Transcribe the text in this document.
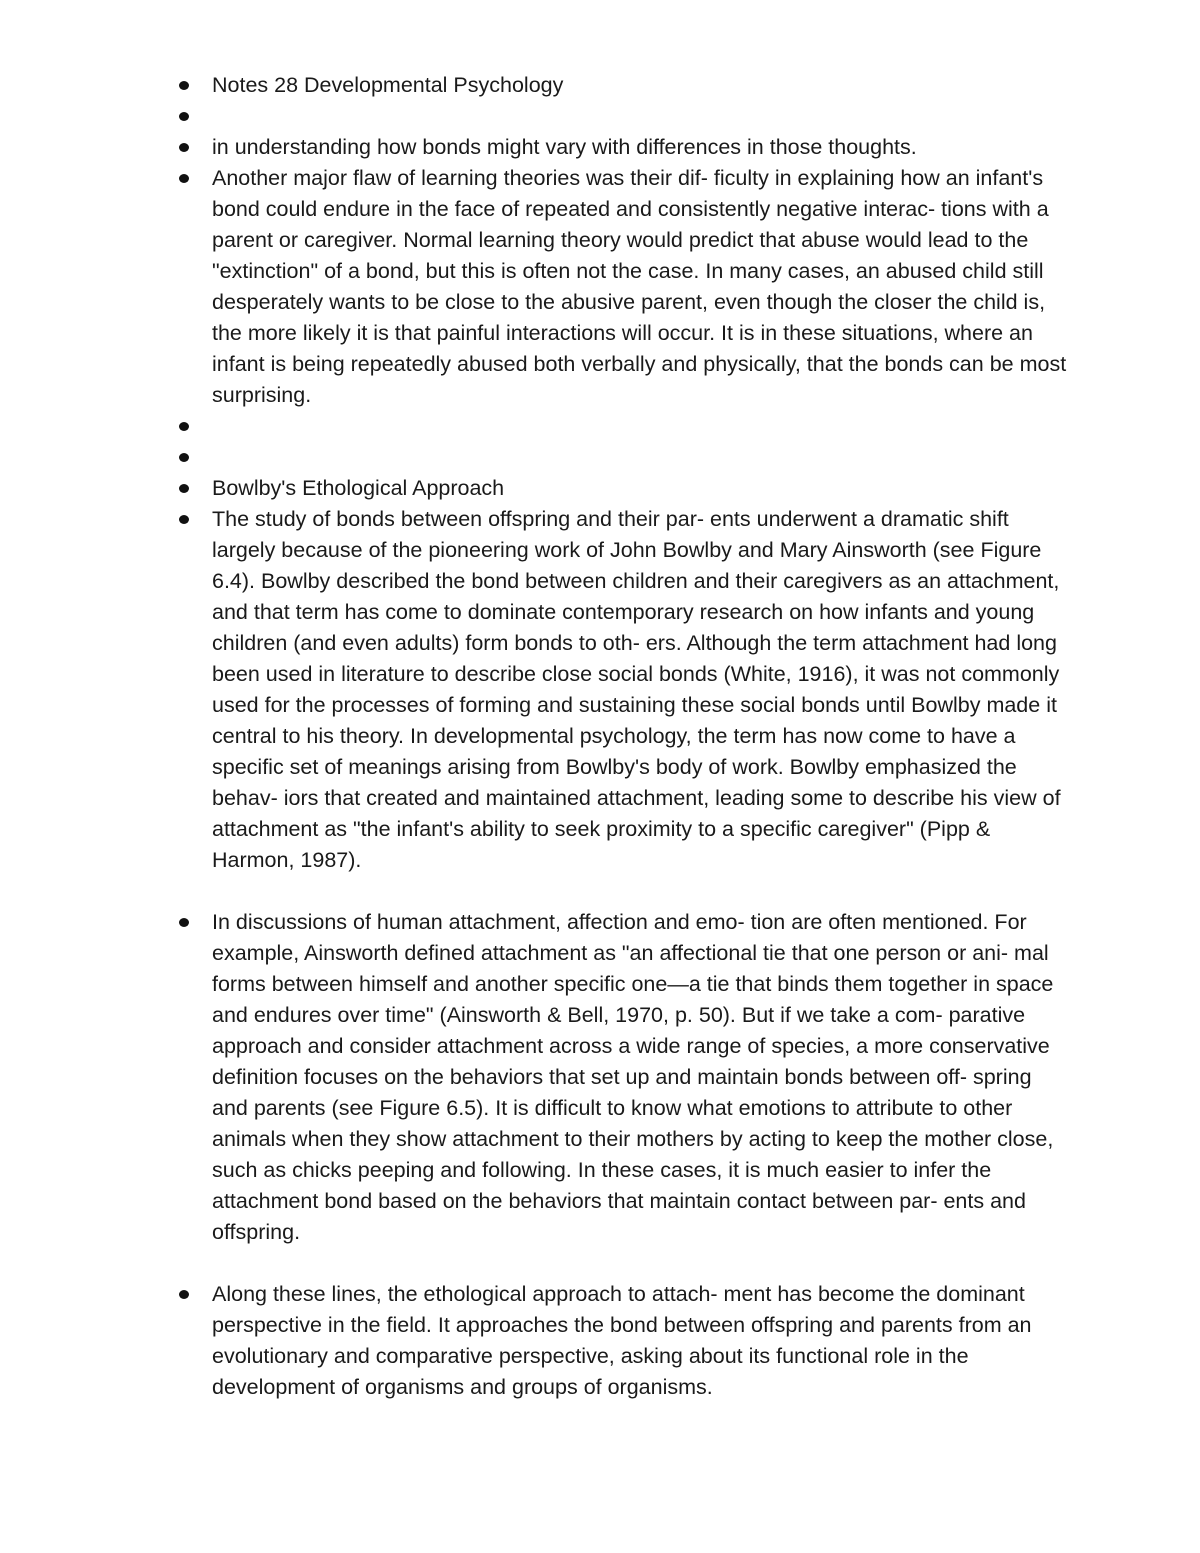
Notes 28 Developmental Psychology
in understanding how bonds might vary with differences in those thoughts.
Another major flaw of learning theories was their dif- ficulty in explaining how an infant's bond could endure in the face of repeated and consistently negative interac- tions with a parent or caregiver. Normal learning theory would predict that abuse would lead to the "extinction" of a bond, but this is often not the case. In many cases, an abused child still desperately wants to be close to the abusive parent, even though the closer the child is, the more likely it is that painful interactions will occur. It is in these situations, where an infant is being repeatedly abused both verbally and physically, that the bonds can be most surprising.
Bowlby's Ethological Approach
The study of bonds between offspring and their par- ents underwent a dramatic shift largely because of the pioneering work of John Bowlby and Mary Ainsworth (see Figure 6.4). Bowlby described the bond between children and their caregivers as an attachment, and that term has come to dominate contemporary research on how infants and young children (and even adults) form bonds to oth- ers. Although the term attachment had long been used in literature to describe close social bonds (White, 1916), it was not commonly used for the processes of forming and sustaining these social bonds until Bowlby made it central to his theory. In developmental psychology, the term has now come to have a specific set of meanings arising from Bowlby's body of work. Bowlby emphasized the behav- iors that created and maintained attachment, leading some to describe his view of attachment as "the infant's ability to seek proximity to a specific caregiver" (Pipp & Harmon, 1987).
In discussions of human attachment, affection and emo- tion are often mentioned. For example, Ainsworth defined attachment as "an affectional tie that one person or ani- mal forms between himself and another specific one—a tie that binds them together in space and endures over time" (Ainsworth & Bell, 1970, p. 50). But if we take a com- parative approach and consider attachment across a wide range of species, a more conservative definition focuses on the behaviors that set up and maintain bonds between off- spring and parents (see Figure 6.5). It is difficult to know what emotions to attribute to other animals when they show attachment to their mothers by acting to keep the mother close, such as chicks peeping and following. In these cases, it is much easier to infer the attachment bond based on the behaviors that maintain contact between par- ents and offspring.
Along these lines, the ethological approach to attach- ment has become the dominant perspective in the field. It approaches the bond between offspring and parents from an evolutionary and comparative perspective, asking about its functional role in the development of organisms and groups of organisms.
